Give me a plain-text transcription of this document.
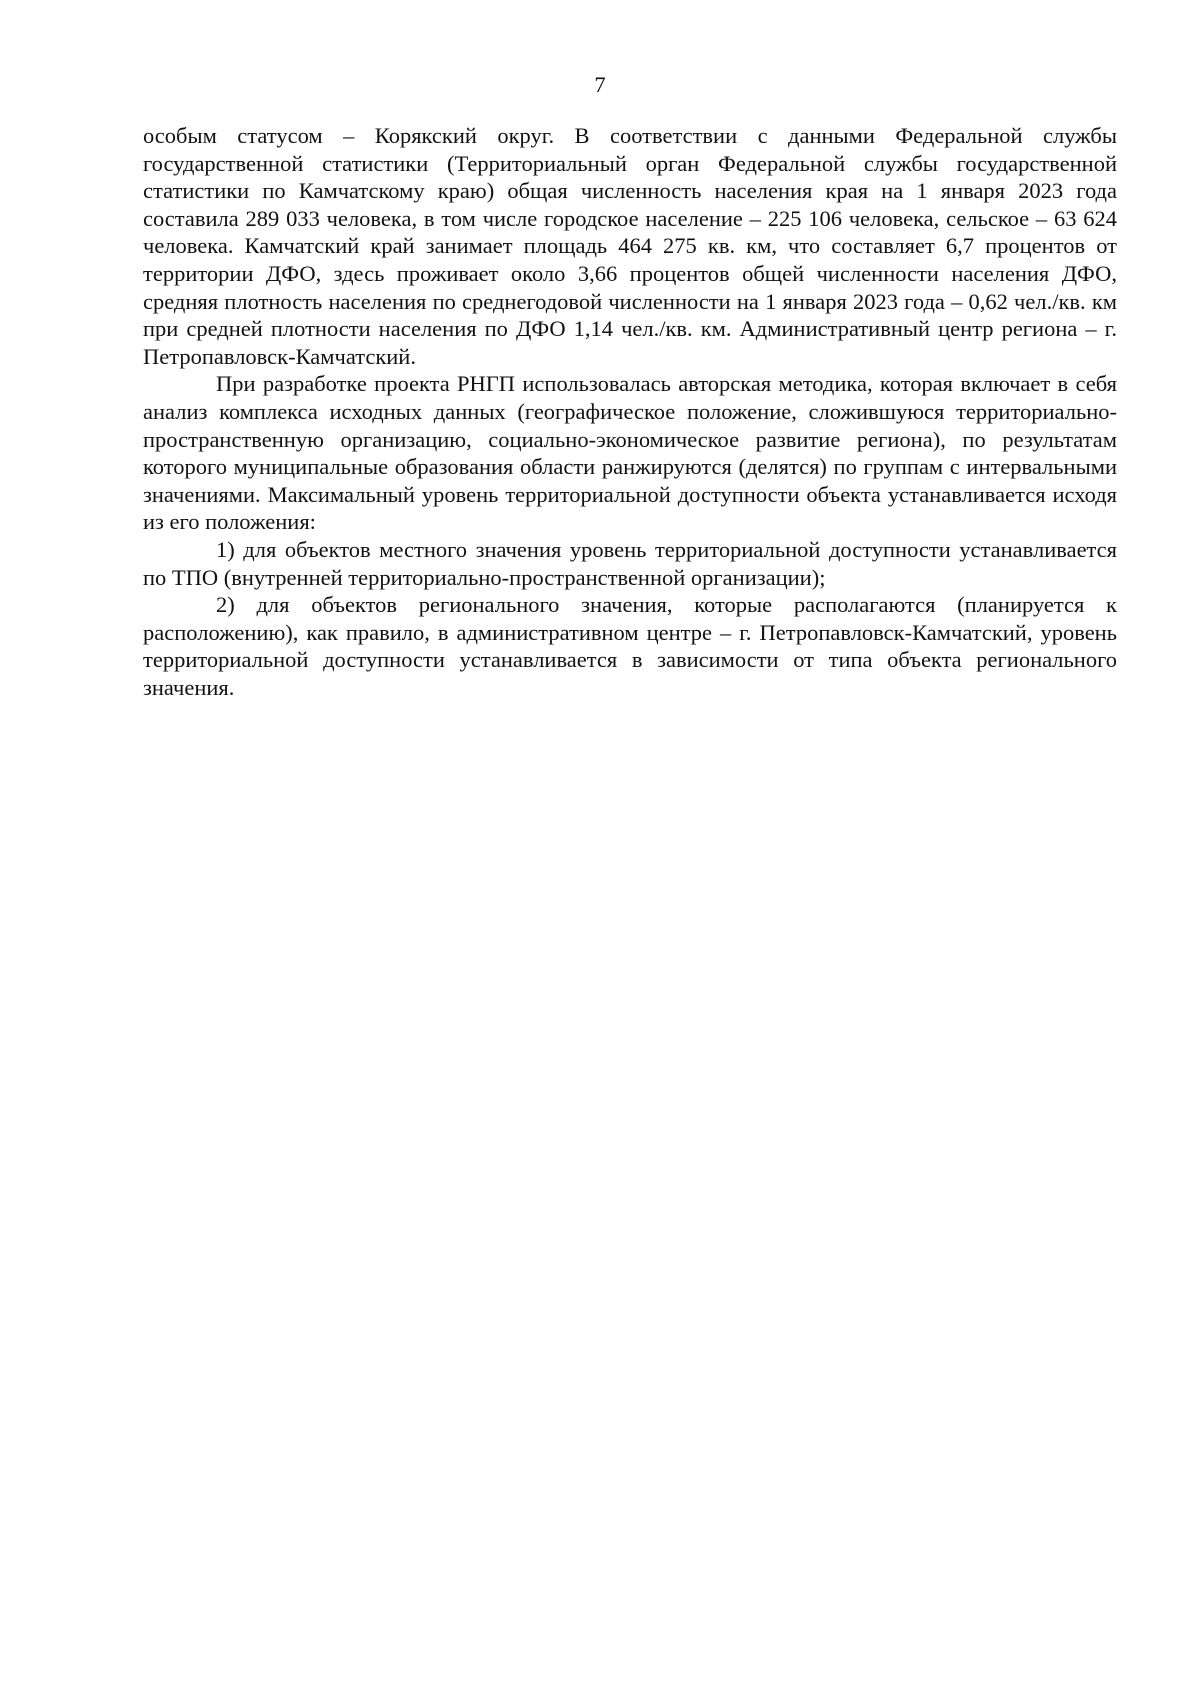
7

особым статусом – Корякский округ. В соответствии с данными Федеральной службы государственной статистики (Территориальный орган Федеральной службы государственной статистики по Камчатскому краю) общая численность населения края на 1 января 2023 года составила 289 033 человека, в том числе городское население – 225 106 человека, сельское – 63 624 человека. Камчатский край занимает площадь 464 275 кв. км, что составляет 6,7 процентов от территории ДФО, здесь проживает около 3,66 процентов общей численности населения ДФО, средняя плотность населения по среднегодовой численности на 1 января 2023 года – 0,62 чел./кв. км при средней плотности населения по ДФО 1,14 чел./кв. км. Административный центр региона – г. Петропавловск-Камчатский.

При разработке проекта РНГП использовалась авторская методика, которая включает в себя анализ комплекса исходных данных (географическое положение, сложившуюся территориально-пространственную организацию, социально-экономическое развитие региона), по результатам которого муниципальные образования области ранжируются (делятся) по группам с интервальными значениями. Максимальный уровень территориальной доступности объекта устанавливается исходя из его положения:

1) для объектов местного значения уровень территориальной доступности устанавливается по ТПО (внутренней территориально-пространственной организации);

2) для объектов регионального значения, которые располагаются (планируется к расположению), как правило, в административном центре – г. Петропавловск-Камчатский, уровень территориальной доступности устанавливается в зависимости от типа объекта регионального значения.
